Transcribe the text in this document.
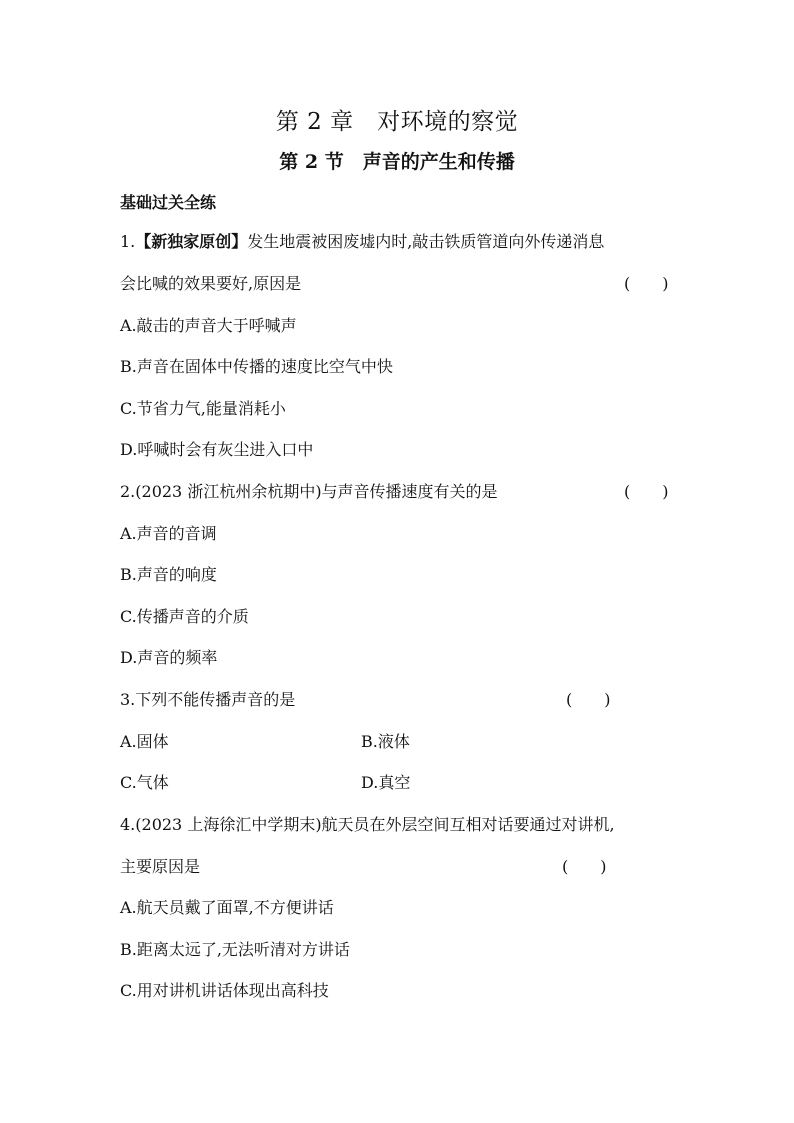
第 2 章　对环境的察觉
第 2 节　声音的产生和传播
基础过关全练
1.【新独家原创】发生地震被困废墟内时,敲击铁质管道向外传递消息
会比喊的效果要好,原因是	(　　)
A.敲击的声音大于呼喊声
B.声音在固体中传播的速度比空气中快
C.节省力气,能量消耗小
D.呼喊时会有灰尘进入口中
2.(2023 浙江杭州余杭期中)与声音传播速度有关的是	(　　)
A.声音的音调
B.声音的响度
C.传播声音的介质
D.声音的频率
3.下列不能传播声音的是	(　　)
A.固体	B.液体
C.气体	D.真空
4.(2023 上海徐汇中学期末)航天员在外层空间互相对话要通过对讲机,
主要原因是	(　　)
A.航天员戴了面罩,不方便讲话
B.距离太远了,无法听清对方讲话
C.用对讲机讲话体现出高科技
